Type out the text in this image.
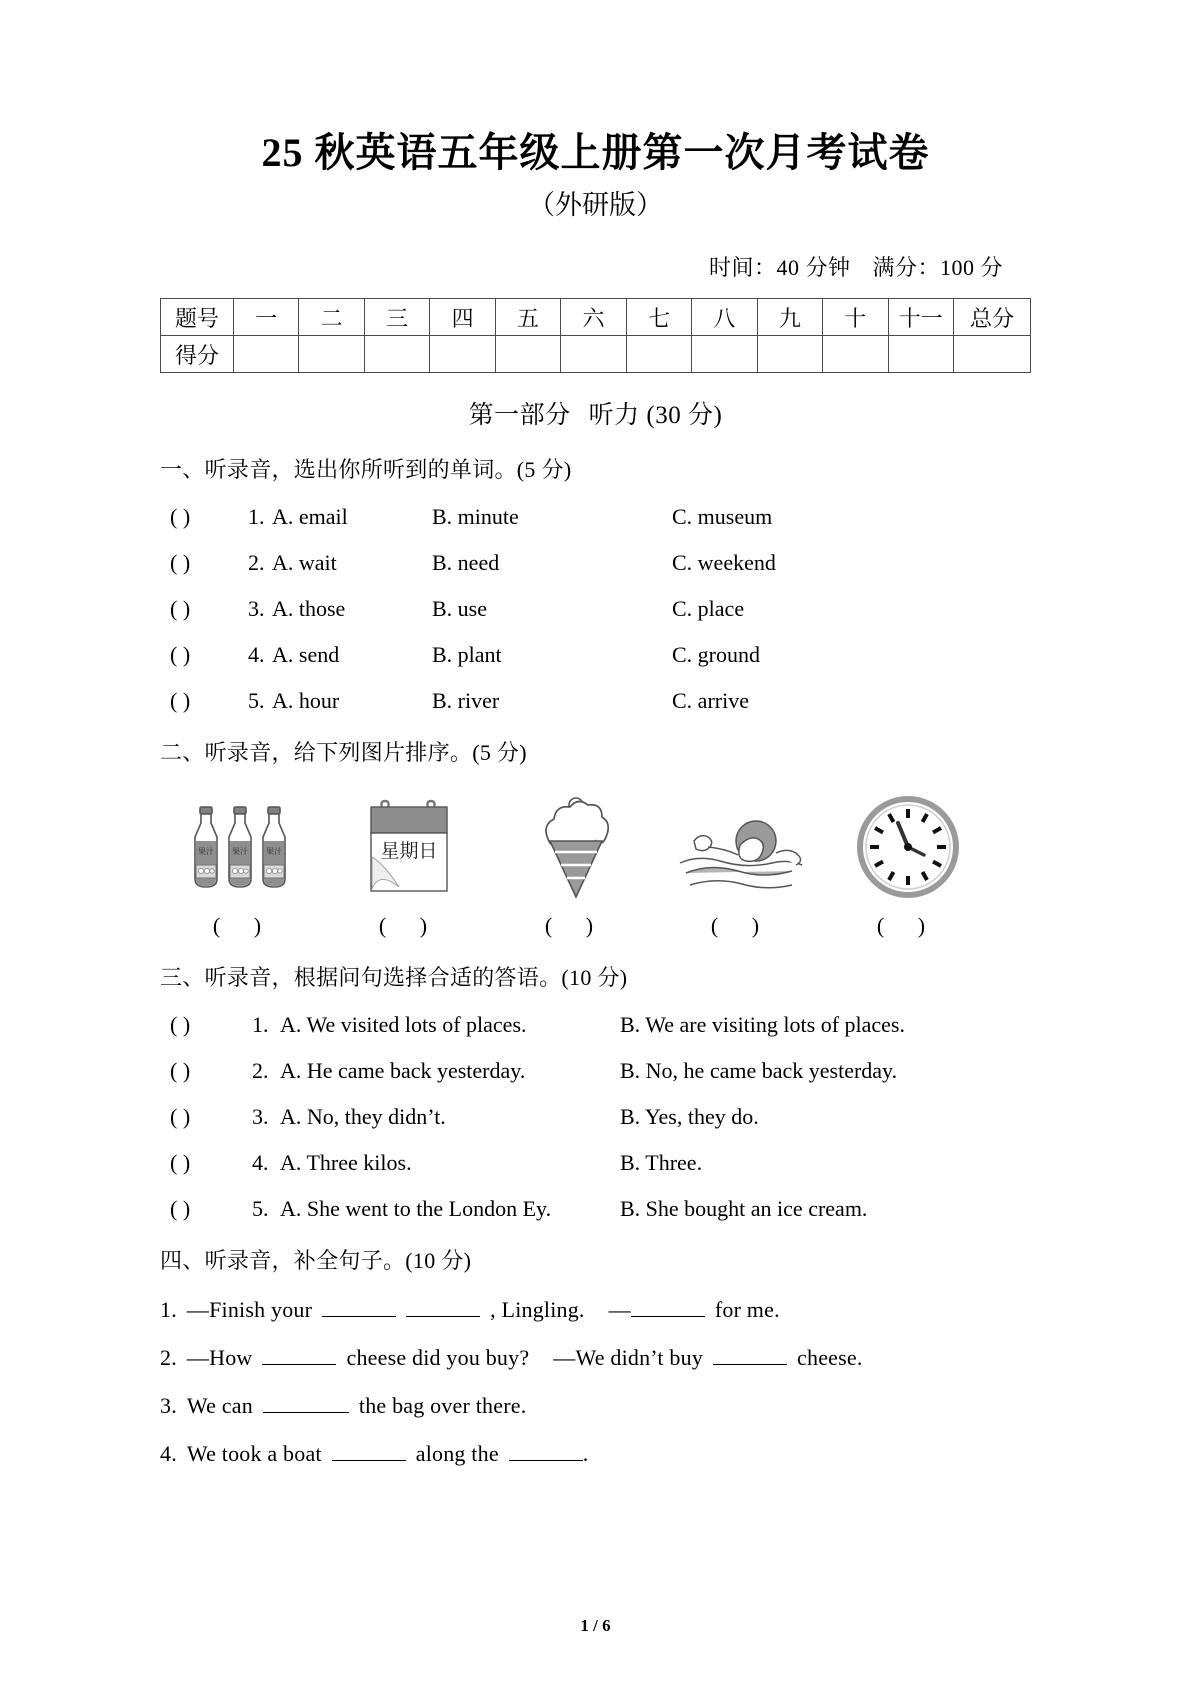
25 秋英语五年级上册第一次月考试卷
（外研版）
时间：40 分钟 满分：100 分
题号	一	二	三	四	五	六	七	八	九	十	十一	总分
得分												
第一部分 听力 (30 分)
一、听录音，选出你所听到的单词。(5 分)
( )	1. A. email	B. minute	C. museum
( )	2. A. wait	B. need	C. weekend
( )	3. A. those	B. use	C. place
( )	4. A. send	B. plant	C. ground
( )	5. A. hour	B. river	C. arrive
二、听录音，给下列图片排序。(5 分)
果汁 果汁 果汁	星期日
( )	( )	( )	( )	( )
三、听录音，根据问句选择合适的答语。(10 分)
( )	1. A. We visited lots of places.	B. We are visiting lots of places.
( )	2. A. He came back yesterday.	B. No, he came back yesterday.
( )	3. A. No, they didn’t.	B. Yes, they do.
( )	4. A. Three kilos.	B. Three.
( )	5. A. She went to the London Ey.	B. She bought an ice cream.
四、听录音，补全句子。(10 分)
1. —Finish your	, Lingling. —	for me.
2. —How	cheese did you buy? —We didn’t buy	cheese.
3. We can	the bag over there.
4. We took a boat	along the	.
1 / 6
